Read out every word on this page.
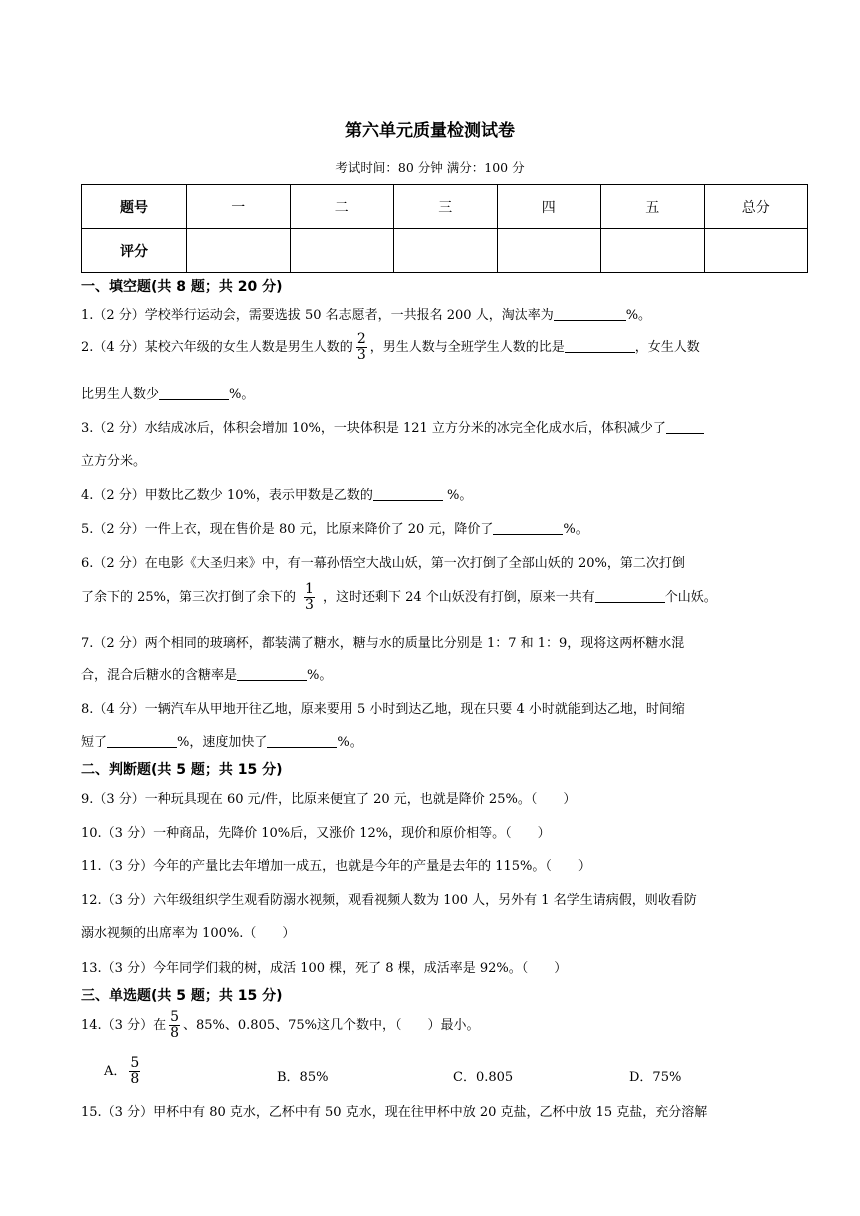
第六单元质量检测试卷
考试时间：80 分钟 满分：100 分
题号	一	二	三	四	五	总分
评分						
一、填空题(共 8 题；共 20 分)
1.（2 分）学校举行运动会，需要选拔 50 名志愿者，一共报名 200 人，淘汰率为	%。
2.（4 分）某校六年级的女生人数是男生人数的 $\frac{2}{3}$ ，男生人数与全班学生人数的比是	，女生人数
比男生人数少	%。
3.（2 分）水结成冰后，体积会增加 10%，一块体积是 121 立方分米的冰完全化成水后，体积减少了
立方分米。
4.（2 分）甲数比乙数少 10%，表示甲数是乙数的	%。
5.（2 分）一件上衣，现在售价是 80 元，比原来降价了 20 元，降价了	%。
6.（2 分）在电影《大圣归来》中，有一幕孙悟空大战山妖，第一次打倒了全部山妖的 20%，第二次打倒
了余下的 25%，第三次打倒了余下的 $\frac{1}{3}$ ，这时还剩下 24 个山妖没有打倒，原来一共有	个山妖。
7.（2 分）两个相同的玻璃杯，都装满了糖水，糖与水的质量比分别是 1：7 和 1：9，现将这两杯糖水混
合，混合后糖水的含糖率是	%。
8.（4 分）一辆汽车从甲地开往乙地，原来要用 5 小时到达乙地，现在只要 4 小时就能到达乙地，时间缩
短了	%，速度加快了	%。
二、判断题(共 5 题；共 15 分)
9.（3 分）一种玩具现在 60 元/件，比原来便宜了 20 元，也就是降价 25%。（　　）
10.（3 分）一种商品，先降价 10%后，又涨价 12%，现价和原价相等。（　　）
11.（3 分）今年的产量比去年增加一成五，也就是今年的产量是去年的 115%。（　　）
12.（3 分）六年级组织学生观看防溺水视频，观看视频人数为 100 人，另外有 1 名学生请病假，则收看防
溺水视频的出席率为 100%.（　　）
13.（3 分）今年同学们栽的树，成活 100 棵，死了 8 棵，成活率是 92%。（　　）
三、单选题(共 5 题；共 15 分)
14.（3 分）在 $\frac{5}{8}$ 、85%、0.805、75%这几个数中，（　　）最小。
A． $\frac{5}{8}$	B．85%	C．0.805	D．75%
15.（3 分）甲杯中有 80 克水，乙杯中有 50 克水，现在往甲杯中放 20 克盐，乙杯中放 15 克盐，充分溶解
